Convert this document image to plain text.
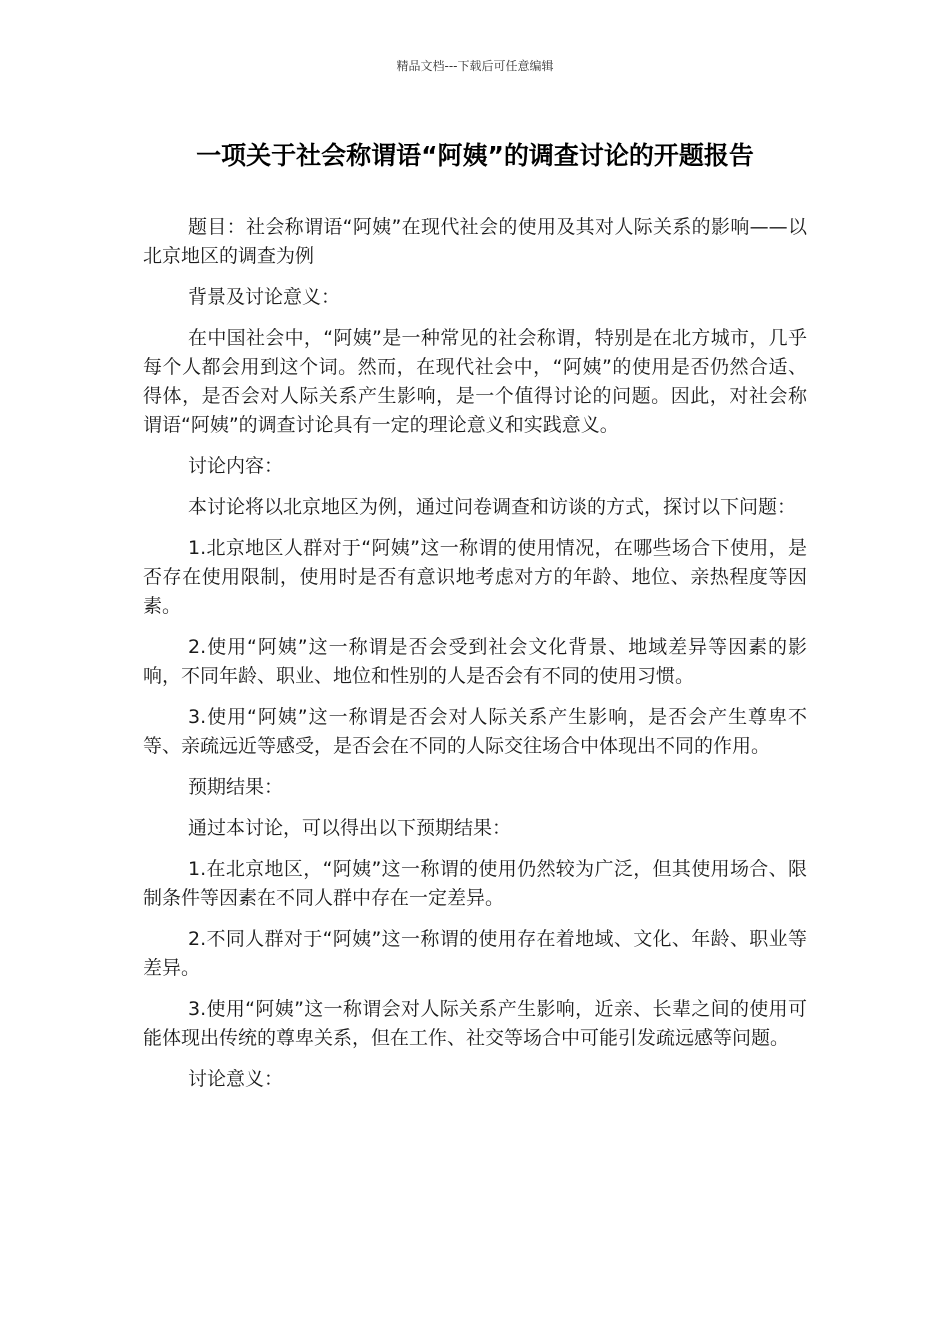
精品文档---下载后可任意编辑
一项关于社会称谓语“阿姨”的调查讨论的开题报告

题目：社会称谓语“阿姨”在现代社会的使用及其对人际关系的影响——以北京地区的调查为例

背景及讨论意义：

在中国社会中，“阿姨”是一种常见的社会称谓，特别是在北方城市，几乎每个人都会用到这个词。然而，在现代社会中，“阿姨”的使用是否仍然合适、得体，是否会对人际关系产生影响，是一个值得讨论的问题。因此，对社会称谓语“阿姨”的调查讨论具有一定的理论意义和实践意义。

讨论内容：

本讨论将以北京地区为例，通过问卷调查和访谈的方式，探讨以下问题：

1.北京地区人群对于“阿姨”这一称谓的使用情况，在哪些场合下使用，是否存在使用限制，使用时是否有意识地考虑对方的年龄、地位、亲热程度等因素。

2.使用“阿姨”这一称谓是否会受到社会文化背景、地域差异等因素的影响，不同年龄、职业、地位和性别的人是否会有不同的使用习惯。

3.使用“阿姨”这一称谓是否会对人际关系产生影响，是否会产生尊卑不等、亲疏远近等感受，是否会在不同的人际交往场合中体现出不同的作用。

预期结果：

通过本讨论，可以得出以下预期结果：

1.在北京地区，“阿姨”这一称谓的使用仍然较为广泛，但其使用场合、限制条件等因素在不同人群中存在一定差异。

2.不同人群对于“阿姨”这一称谓的使用存在着地域、文化、年龄、职业等差异。

3.使用“阿姨”这一称谓会对人际关系产生影响，近亲、长辈之间的使用可能体现出传统的尊卑关系，但在工作、社交等场合中可能引发疏远感等问题。

讨论意义：
